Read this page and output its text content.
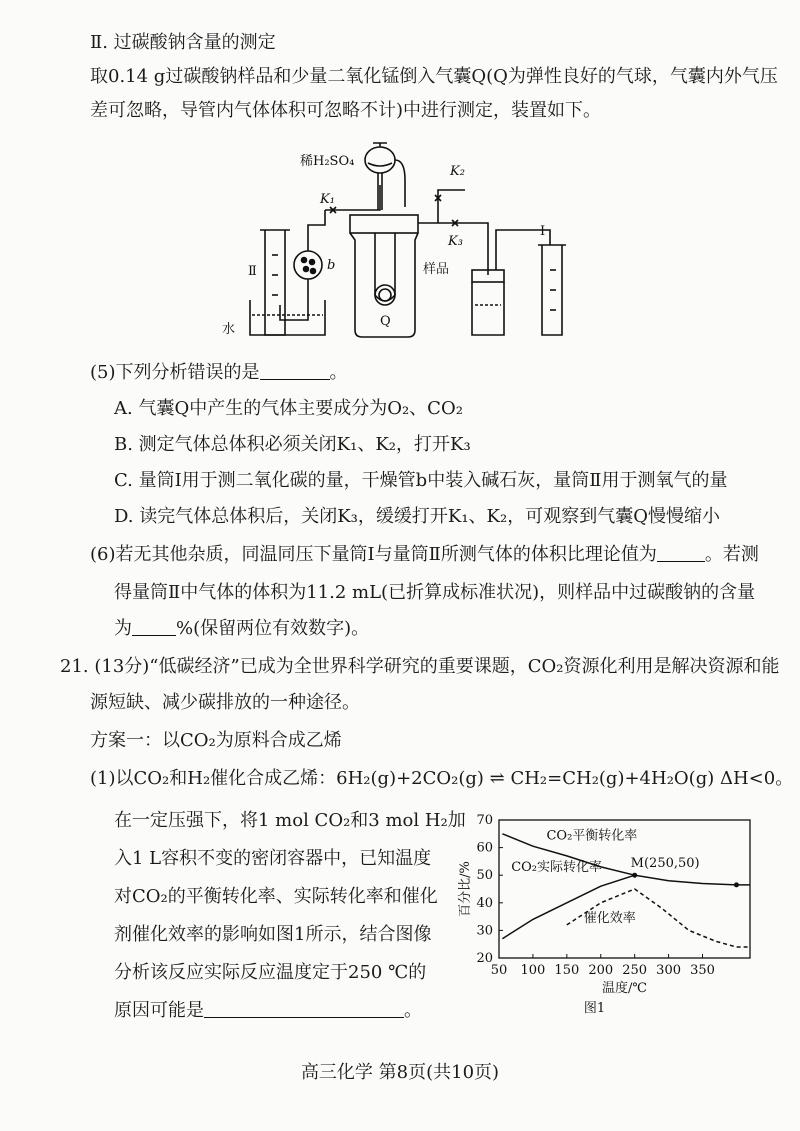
Ⅱ. 过碳酸钠含量的测定
取0.14 g过碳酸钠样品和少量二氧化锰倒入气囊Q(Q为弹性良好的气球，气囊内外气压
差可忽略，导管内气体体积可忽略不计)中进行测定，装置如下。
稀H₂SO₄
K₁
K₂
K₃
Ⅱ
Ⅰ
b
水
样品
Q
(5)下列分析错误的是	。
A. 气囊Q中产生的气体主要成分为O₂、CO₂
B. 测定气体总体积必须关闭K₁、K₂，打开K₃
C. 量筒Ⅰ用于测二氧化碳的量，干燥管b中装入碱石灰，量筒Ⅱ用于测氧气的量
D. 读完气体总体积后，关闭K₃，缓缓打开K₁、K₂，可观察到气囊Q慢慢缩小
(6)若无其他杂质，同温同压下量筒Ⅰ与量筒Ⅱ所测气体的体积比理论值为	。若测
得量筒Ⅱ中气体的体积为11.2 mL(已折算成标准状况)，则样品中过碳酸钠的含量
为 %(保留两位有效数字)。
21. (13分)“低碳经济”已成为全世界科学研究的重要课题，CO₂资源化利用是解决资源和能
源短缺、减少碳排放的一种途径。
方案一：以CO₂为原料合成乙烯
(1)以CO₂和H₂催化合成乙烯：6H₂(g)+2CO₂(g) ⇌ CH₂=CH₂(g)+4H₂O(g) ΔH<0。
在一定压强下，将1 mol CO₂和3 mol H₂加
入1 L容积不变的密闭容器中，已知温度
对CO₂的平衡转化率、实际转化率和催化
剂催化效率的影响如图1所示，结合图像
分析该反应实际反应温度定于250 ℃的
原因可能是	。
50 100 150 200 250 300 350
20
30
40
50
60
70
CO₂平衡转化率
CO₂实际转化率
催化效率
M(250,50)
温度/℃
百分比/%
图1
高三化学 第8页(共10页)
